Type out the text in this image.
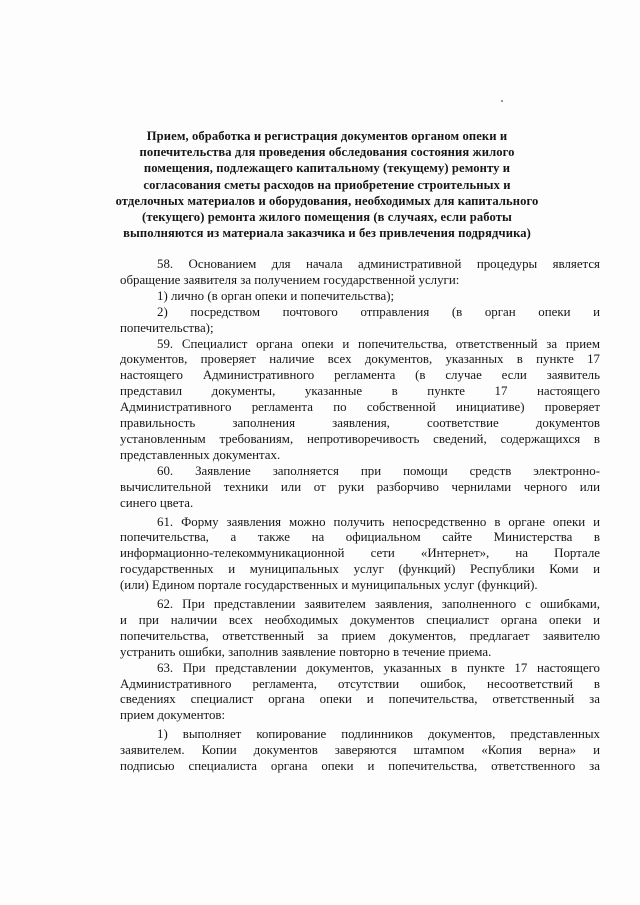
Прием, обработка и регистрация документов органом опеки и
попечительства для проведения обследования состояния жилого
помещения, подлежащего капитальному (текущему) ремонту и
согласования сметы расходов на приобретение строительных и
отделочных материалов и оборудования, необходимых для капитального
(текущего) ремонта жилого помещения (в случаях, если работы
выполняются из материала заказчика и без привлечения подрядчика)

58. Основанием для начала административной процедуры является

обращение заявителя за получением государственной услуги:

1) лично (в орган опеки и попечительства);

2) посредством почтового отправления (в орган опеки и

попечительства);

59. Специалист органа опеки и попечительства, ответственный за прием

документов, проверяет наличие всех документов, указанных в пункте 17

настоящего Административного регламента (в случае если заявитель

представил документы, указанные в пункте 17 настоящего

Административного регламента по собственной инициативе) проверяет

правильность заполнения заявления, соответствие документов

установленным требованиям, непротиворечивость сведений, содержащихся в

представленных документах.

60. Заявление заполняется при помощи средств электронно-

вычислительной техники или от руки разборчиво чернилами черного или

синего цвета.

61. Форму заявления можно получить непосредственно в органе опеки и

попечительства, а также на официальном сайте Министерства в

информационно-телекоммуникационной сети «Интернет», на Портале

государственных и муниципальных услуг (функций) Республики Коми и

(или) Едином портале государственных и муниципальных услуг (функций).

62. При представлении заявителем заявления, заполненного с ошибками,

и при наличии всех необходимых документов специалист органа опеки и

попечительства, ответственный за прием документов, предлагает заявителю

устранить ошибки, заполнив заявление повторно в течение приема.

63. При представлении документов, указанных в пункте 17 настоящего

Административного регламента, отсутствии ошибок, несоответствий в

сведениях специалист органа опеки и попечительства, ответственный за

прием документов:

1) выполняет копирование подлинников документов, представленных

заявителем. Копии документов заверяются штампом «Копия верна» и

подписью специалиста органа опеки и попечительства, ответственного за
